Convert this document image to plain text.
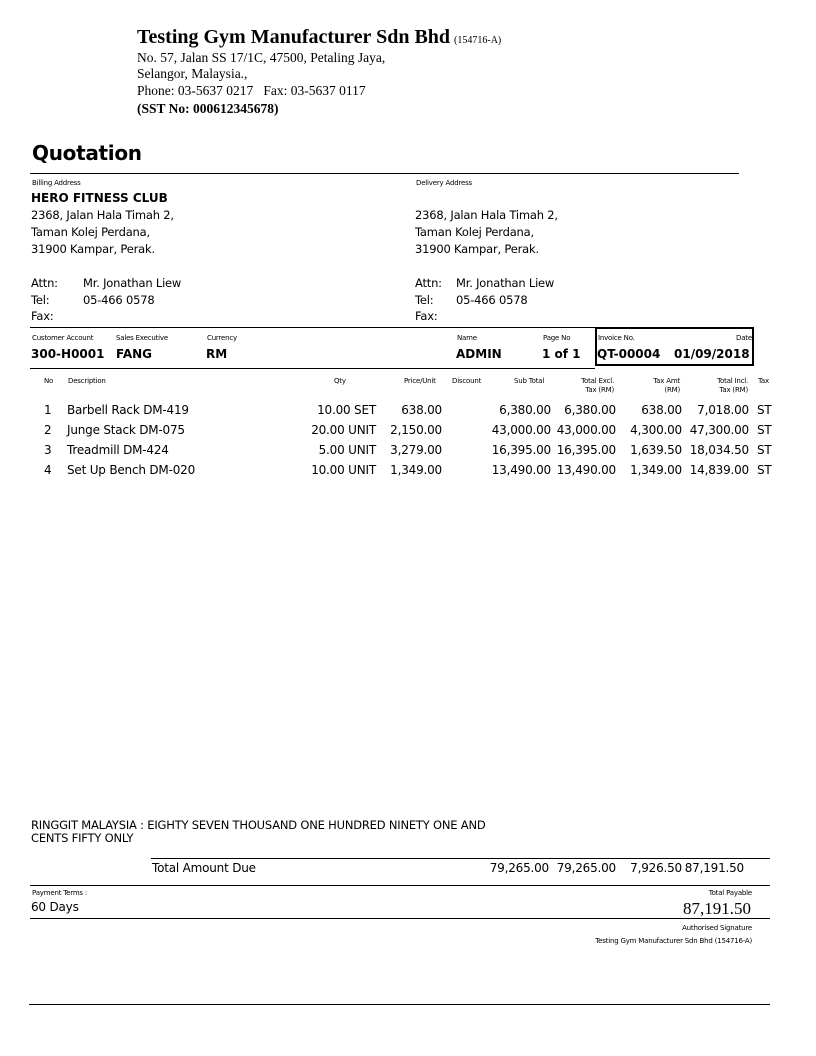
Testing Gym Manufacturer Sdn Bhd (154716-A)
No. 57, Jalan SS 17/1C, 47500, Petaling Jaya,
Selangor, Malaysia.,
Phone: 03-5637 0217   Fax: 03-5637 0117
(SST No: 000612345678)
Quotation
Billing Address
HERO FITNESS CLUB
2368, Jalan Hala Timah 2,
Taman Kolej Perdana,
31900 Kampar, Perak.
Attn: Mr. Jonathan Liew
Tel:	05-466 0578
Fax:
Delivery Address
2368, Jalan Hala Timah 2,
Taman Kolej Perdana,
31900 Kampar, Perak.
Attn: Mr. Jonathan Liew
Tel: 05-466 0578
Fax:
Customer Account
300-H0001
Sales Executive
FANG
Currency
RM
Name
ADMIN
Page No
1 of 1
Invoice No.
QT-00004
Date
01/09/2018
No Description	Qty	Price/Unit Discount	Sub Total	Total Excl.
Tax (RM)
Tax Amt
(RM)
Total Incl.
Tax (RM)
Tax
1 Barbell Rack DM-419	10.00 SET	638.00	6,380.00	6,380.00	638.00	7,018.00 ST
2 Junge Stack DM-075	20.00 UNIT	2,150.00	43,000.00 43,000.00	4,300.00 47,300.00 ST
3 Treadmill DM-424	5.00 UNIT	3,279.00	16,395.00 16,395.00	1,639.50 18,034.50 ST
4 Set Up Bench DM-020	10.00 UNIT	1,349.00	13,490.00 13,490.00	1,349.00 14,839.00 ST
RINGGIT MALAYSIA : EIGHTY SEVEN THOUSAND ONE HUNDRED NINETY ONE AND
CENTS FIFTY ONLY
Total Amount Due	79,265.00 79,265.00	7,926.50 87,191.50
Payment Terms :
60 Days
Total Payable
87,191.50
Authorised Signature
Testing Gym Manufacturer Sdn Bhd (154716-A)
